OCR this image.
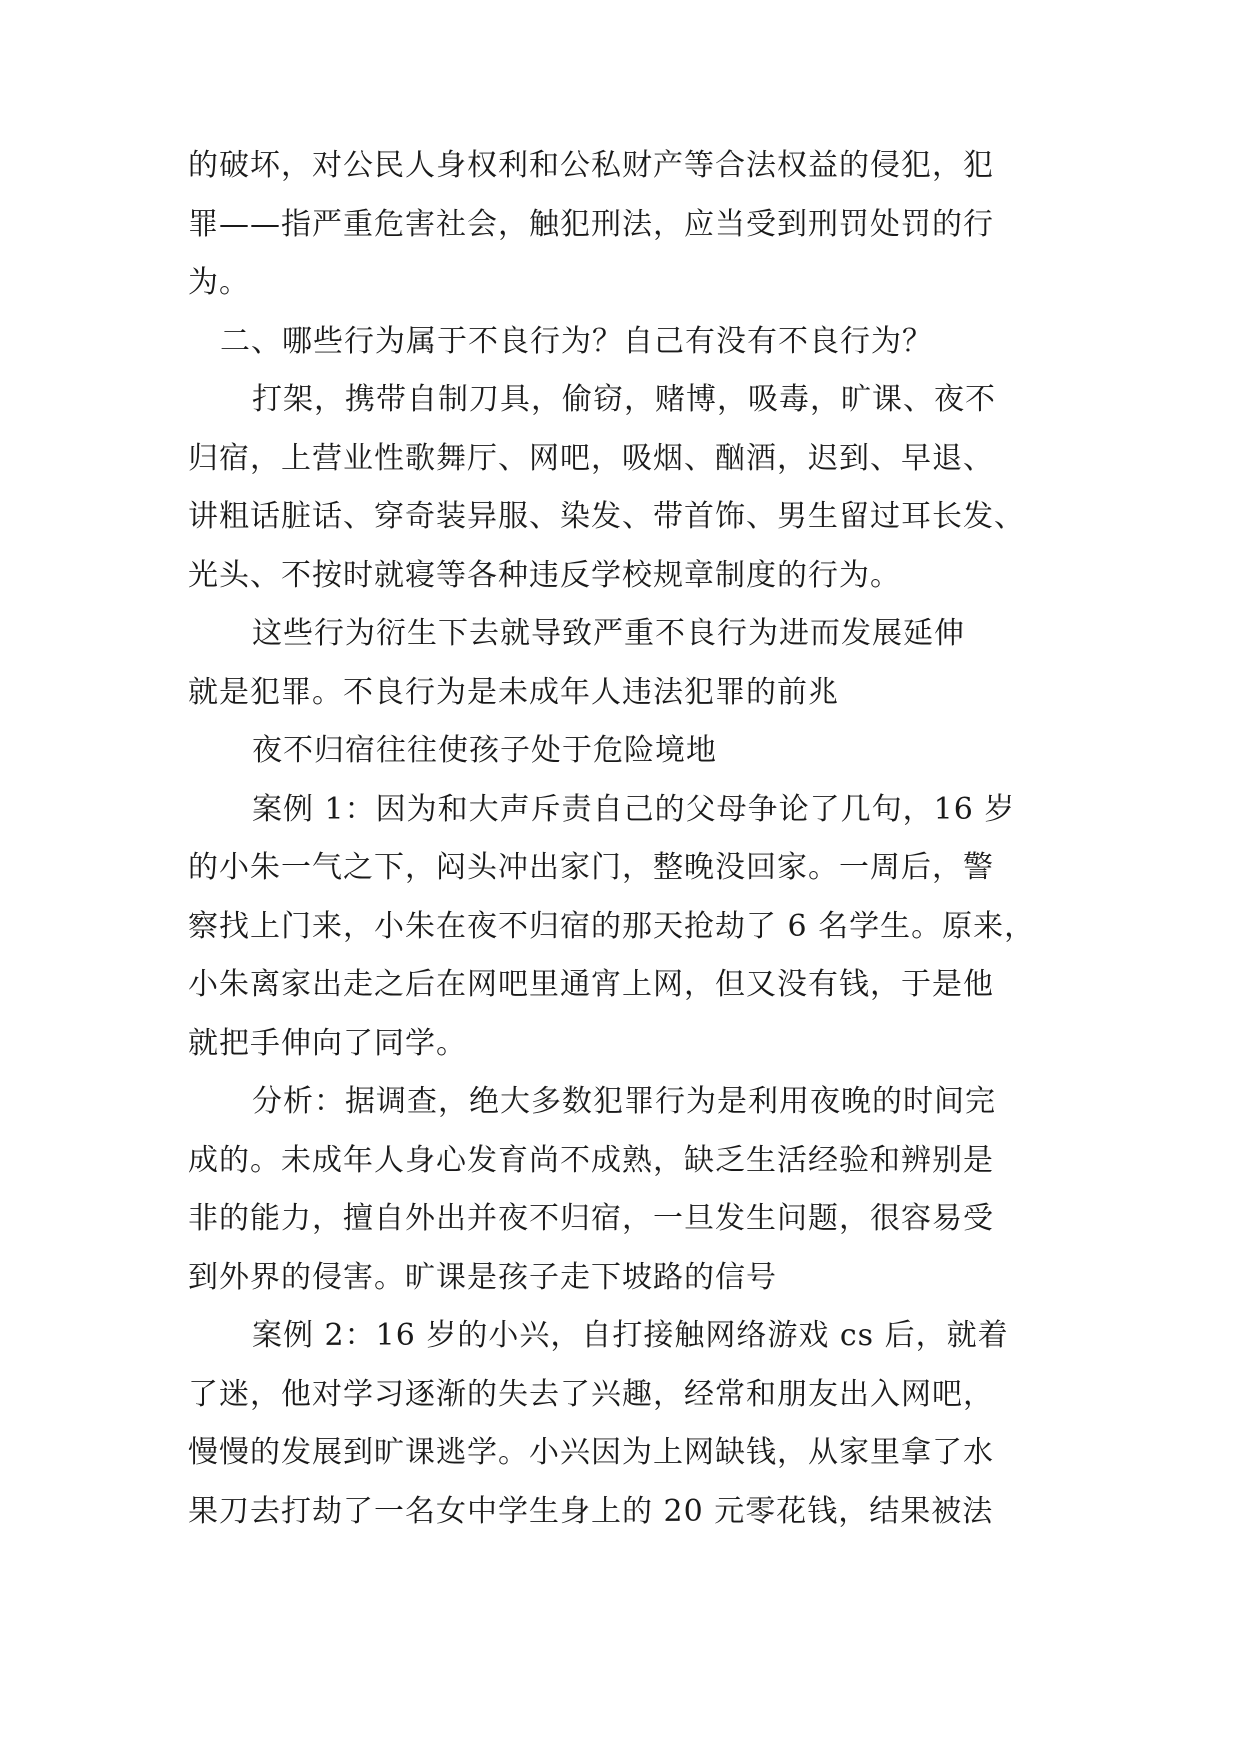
的破坏，对公民人身权利和公私财产等合法权益的侵犯，犯
罪——指严重危害社会，触犯刑法，应当受到刑罚处罚的行
为。
二、哪些行为属于不良行为？自己有没有不良行为？
打架，携带自制刀具，偷窃，赌博，吸毒，旷课、夜不
归宿，上营业性歌舞厅、网吧，吸烟、酗酒，迟到、早退、
讲粗话脏话、穿奇装异服、染发、带首饰、男生留过耳长发、
光头、不按时就寝等各种违反学校规章制度的行为。
这些行为衍生下去就导致严重不良行为进而发展延伸
就是犯罪。不良行为是未成年人违法犯罪的前兆
夜不归宿往往使孩子处于危险境地
案例 1：因为和大声斥责自己的父母争论了几句，16 岁
的小朱一气之下，闷头冲出家门，整晚没回家。一周后，警
察找上门来，小朱在夜不归宿的那天抢劫了 6 名学生。原来，
小朱离家出走之后在网吧里通宵上网，但又没有钱，于是他
就把手伸向了同学。
分析：据调查，绝大多数犯罪行为是利用夜晚的时间完
成的。未成年人身心发育尚不成熟，缺乏生活经验和辨别是
非的能力，擅自外出并夜不归宿，一旦发生问题，很容易受
到外界的侵害。旷课是孩子走下坡路的信号
案例 2：16 岁的小兴，自打接触网络游戏 cs 后，就着
了迷，他对学习逐渐的失去了兴趣，经常和朋友出入网吧，
慢慢的发展到旷课逃学。小兴因为上网缺钱，从家里拿了水
果刀去打劫了一名女中学生身上的 20 元零花钱，结果被法
